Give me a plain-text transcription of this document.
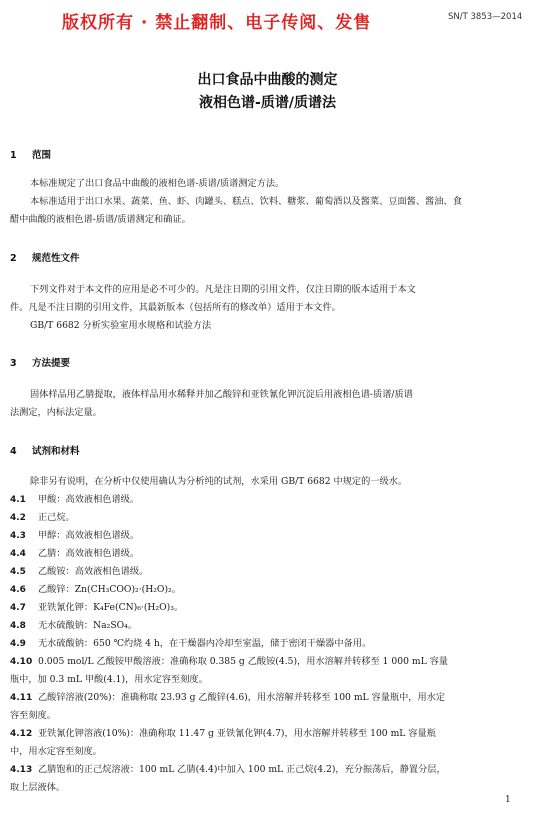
版权所有 · 禁止翻制、电子传阅、发售	SN/T 3853—2014
出口食品中曲酸的测定
液相色谱-质谱/质谱法
1 范围
本标准规定了出口食品中曲酸的液相色谱-质谱/质谱测定方法。
本标准适用于出口水果、蔬菜、鱼、虾、肉罐头、糕点、饮料、糖浆、葡萄酒以及酱菜、豆面酱、酱油、食
醋中曲酸的液相色谱-质谱/质谱测定和确证。
2 规范性文件
下列文件对于本文件的应用是必不可少的。凡是注日期的引用文件，仅注日期的版本适用于本文
件。凡是不注日期的引用文件，其最新版本（包括所有的修改单）适用于本文件。
GB/T 6682 分析实验室用水规格和试验方法
3 方法提要
固体样品用乙腈提取，液体样品用水稀释并加乙酸锌和亚铁氰化钾沉淀后用液相色谱-质谱/质谱
法测定，内标法定量。
4 试剂和材料
除非另有说明，在分析中仅使用确认为分析纯的试剂，水采用 GB/T 6682 中规定的一级水。
4.1 甲酸：高效液相色谱级。
4.2 正己烷。
4.3 甲醇：高效液相色谱级。
4.4 乙腈：高效液相色谱级。
4.5 乙酸铵：高效液相色谱级。
4.6 乙酸锌：Zn(CH₃COO)₂·(H₂O)₂。
4.7 亚铁氰化钾：K₄Fe(CN)₆·(H₂O)₃。
4.8 无水硫酸钠：Na₂SO₄。
4.9 无水硫酸钠：650 ℃灼烧 4 h，在干燥器内冷却至室温，储于密闭干燥器中备用。
4.10 0.005 mol/L 乙酸铵甲酸溶液：准确称取 0.385 g 乙酸铵(4.5)，用水溶解并转移至 1 000 mL 容量
瓶中，加 0.3 mL 甲酸(4.1)，用水定容至刻度。
4.11 乙酸锌溶液(20%)：准确称取 23.93 g 乙酸锌(4.6)，用水溶解并转移至 100 mL 容量瓶中，用水定
容至刻度。
4.12 亚铁氰化钾溶液(10%)：准确称取 11.47 g 亚铁氰化钾(4.7)，用水溶解并转移至 100 mL 容量瓶
中，用水定容至刻度。
4.13 乙腈饱和的正己烷溶液：100 mL 乙腈(4.4)中加入 100 mL 正己烷(4.2)，充分振荡后，静置分层，
取上层液体。
1
